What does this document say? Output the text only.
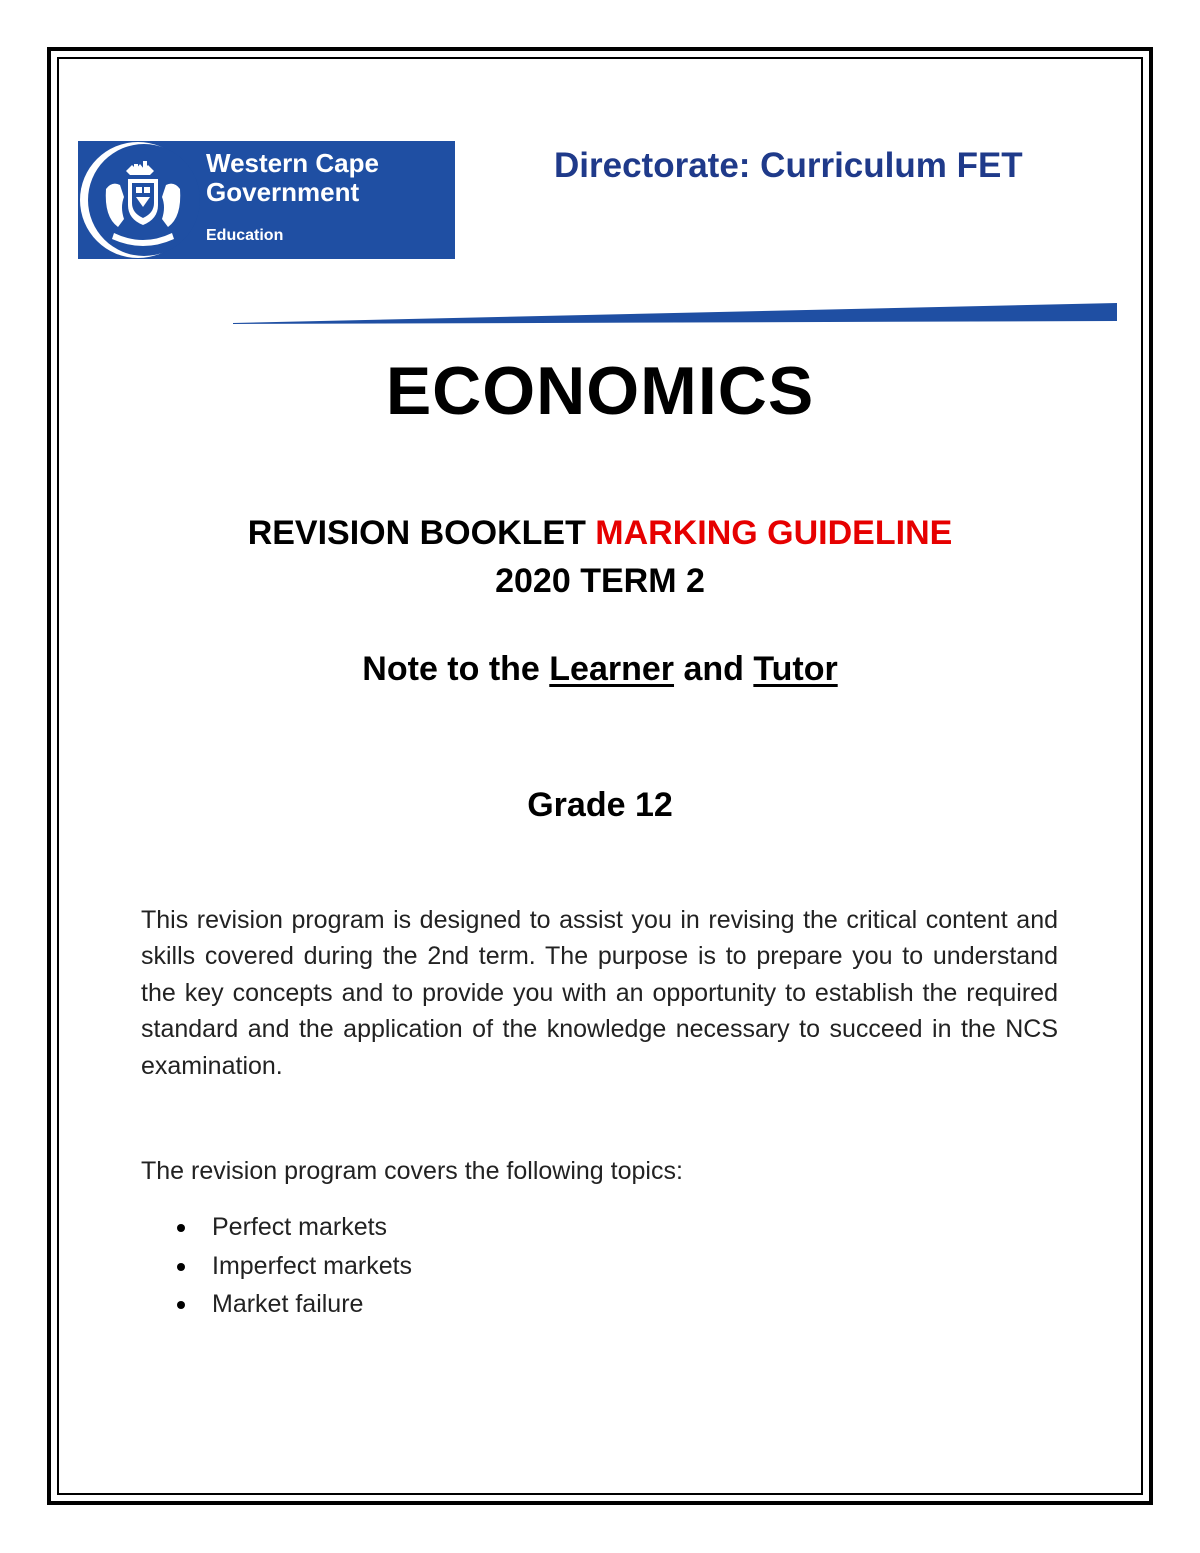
Western Cape
Government
Education
Directorate: Curriculum FET
ECONOMICS
REVISION BOOKLET MARKING GUIDELINE
2020 TERM 2
Note to the Learner and Tutor
Grade 12
This revision program is designed to assist you in revising the critical content and skills covered during the 2nd term. The purpose is to prepare you to understand the key concepts and to provide you with an opportunity to establish the required standard and the application of the knowledge necessary to succeed in the NCS examination.
The revision program covers the following topics:
Perfect markets
Imperfect markets
Market failure
